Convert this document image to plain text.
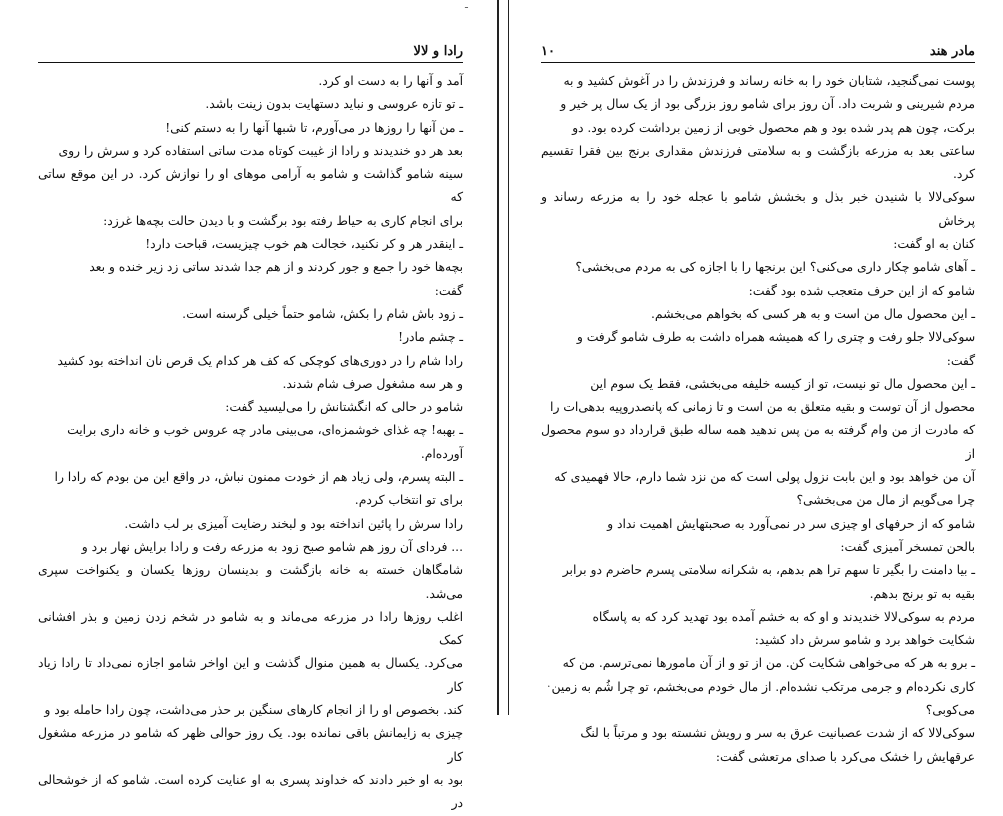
ـ
رادا و لالا

آمد و آنها را به دست او کرد.

ـ تو تازه عروسی و نباید دستهایت بدون زینت باشد.

ـ من آنها را روزها در می‌آورم، تا شبها آنها را به دستم کنی!

بعد هر دو خندیدند و رادا از غیبت کوتاه مدت ساتی استفاده کرد و سرش را روی

سینه شامو گذاشت و شامو به آرامی موهای او را نوازش کرد. در این موقع ساتی که

برای انجام کاری به حیاط رفته بود برگشت و با دیدن حالت بچه‌ها غرزد:

ـ اینقدر هر و کر نکنید، خجالت هم خوب چیزیست، قباحت دارد!

بچه‌ها خود را جمع و جور کردند و از هم جدا شدند ساتی زد زیر خنده و بعد

گفت:

ـ زود باش شام را بکش، شامو حتماً خیلی گرسنه است.

ـ چشم مادر!

رادا شام را در دوری‌های کوچکی که کف هر کدام یک قرص نان انداخته بود کشید

و هر سه مشغول صرف شام شدند.

شامو در حالی که انگشتانش را می‌لیسید گفت:

ـ بهبه! چه غذای خوشمزه‌ای، می‌بینی مادر چه عروس خوب و خانه داری برایت

آورده‌ام.

ـ البته پسرم، ولی زیاد هم از خودت ممنون نباش، در واقع این من بودم که رادا را

برای تو انتخاب کردم.

رادا سرش را پائین انداخته بود و لبخند رضایت آمیزی بر لب داشت.

... فردای آن روز هم شامو صبح زود به مزرعه رفت و رادا برایش نهار برد و

شامگاهان خسته به خانه بازگشت و بدینسان روزها یکسان و یکنواخت سپری می‌شد.

اغلب روزها رادا در مزرعه می‌ماند و به شامو در شخم زدن زمین و بذر افشانی کمک

می‌کرد. یکسال به همین منوال گذشت و این اواخر شامو اجازه نمی‌داد تا رادا زیاد کار

کند. بخصوص او را از انجام کارهای سنگین بر حذر می‌داشت، چون رادا حامله بود و

چیزی به زایمانش باقی نمانده بود. یک روز حوالی ظهر که شامو در مزرعه مشغول کار

بود به او خبر دادند که خداوند پسری به او عنایت کرده است. شامو که از خوشحالی در

۱۰	مادر هند

پوست نمی‌گنجید، شتابان خود را به خانه رساند و فرزندش را در آغوش کشید و به

مردم شیرینی و شربت داد. آن روز برای شامو روز بزرگی بود از یک سال پر خیر و

برکت، چون هم پدر شده بود و هم محصول خوبی از زمین برداشت کرده بود. دو

ساعتی بعد به مزرعه بازگشت و به سلامتی فرزندش مقداری برنج بین فقرا تقسیم کرد.

سوکی‌لالا با شنیدن خبر بذل و بخشش شامو با عجله خود را به مزرعه رساند و پرخاش

کنان به او گفت:

ـ آهای شامو چکار داری می‌کنی؟ این برنجها را با اجازه کی به مردم می‌بخشی؟

شامو که از این حرف متعجب شده بود گفت:

ـ این محصول مال من است و به هر کسی که بخواهم می‌بخشم.

سوکی‌لالا جلو رفت و چتری را که همیشه همراه داشت به طرف شامو گرفت و

گفت:

ـ این محصول مال تو نیست، تو از کیسه خلیفه می‌بخشی، فقط یک سوم این

محصول از آن توست و بقیه متعلق به من است و تا زمانی که پانصدروپیه بدهی‌ات را

که مادرت از من وام گرفته به من پس ندهید همه ساله طبق قرارداد دو سوم محصول از

آن من خواهد بود و این بابت نزول پولی است که من نزد شما دارم، حالا فهمیدی که

چرا می‌گویم از مال من می‌بخشی؟

شامو که از حرفهای او چیزی سر در نمی‌آورد به صحبتهایش اهمیت نداد و

بالحن تمسخر آمیزی گفت:

ـ بیا دامنت را بگیر تا سهم ترا هم بدهم، به شکرانه سلامتی پسرم حاضرم دو برابر

بقیه به تو برنج بدهم.

مردم به سوکی‌لالا خندیدند و او که به خشم آمده بود تهدید کرد که به پاسگاه

شکایت خواهد برد و شامو سرش داد کشید:

ـ برو به هر که می‌خواهی شکایت کن. من از تو و از آن مامورها نمی‌ترسم. من که

کاری نکرده‌ام و جرمی مرتکب نشده‌ام. از مال خودم می‌بخشم، تو چرا شُم به زمین

می‌کوبی؟

سوکی‌لالا که از شدت عصبانیت عرق به سر و رویش نشسته بود و مرتباً با لنگ

عرقهایش را خشک می‌کرد با صدای مرتعشی گفت:

.
